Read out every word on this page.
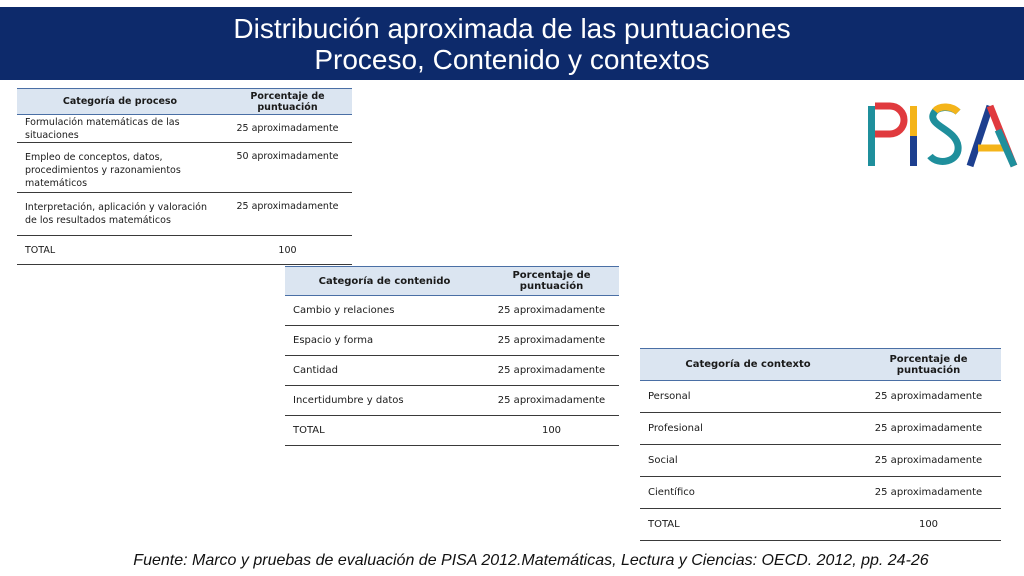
Distribución aproximada de las puntuaciones
Proceso, Contenido y contextos
Categoría de proceso	Porcentaje de puntuación
Formulación matemáticas de las situaciones	25 aproximadamente
Empleo de conceptos, datos, procedimientos y razonamientos matemáticos	50 aproximadamente
Interpretación, aplicación y valoración de los resultados matemáticos	25 aproximadamente
TOTAL	100
Categoría de contenido	Porcentaje de puntuación
Cambio y relaciones	25 aproximadamente
Espacio y forma	25 aproximadamente
Cantidad	25 aproximadamente
Incertidumbre y datos	25 aproximadamente
TOTAL	100
Categoría de contexto	Porcentaje de puntuación
Personal	25 aproximadamente
Profesional	25 aproximadamente
Social	25 aproximadamente
Científico	25 aproximadamente
TOTAL	100
Fuente: Marco y pruebas de evaluación de PISA 2012.Matemáticas, Lectura y Ciencias: OECD. 2012, pp. 24-26
